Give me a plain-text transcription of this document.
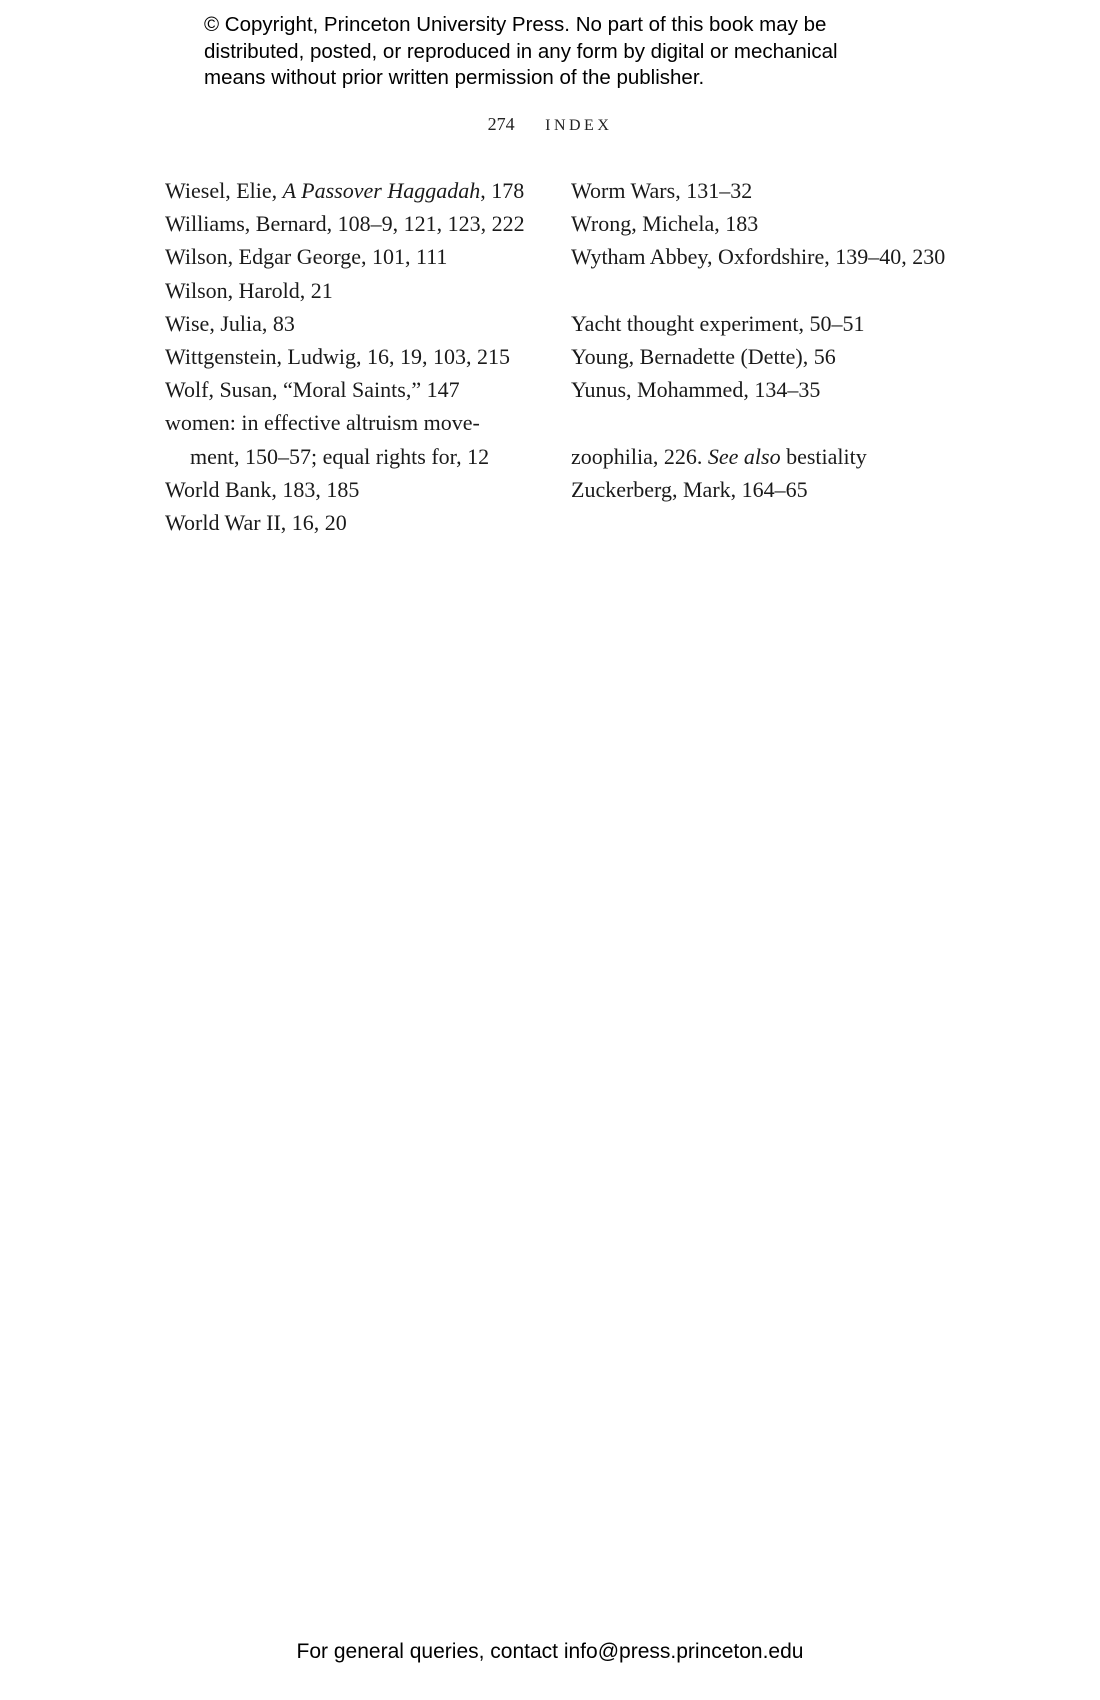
© Copyright, Princeton University Press. No part of this book may be
distributed, posted, or reproduced in any form by digital or mechanical
means without prior written permission of the publisher.
274 INDEX
Wiesel, Elie, A Passover Haggadah, 178
Williams, Bernard, 108–9, 121, 123, 222
Wilson, Edgar George, 101, 111
Wilson, Harold, 21
Wise, Julia, 83
Wittgenstein, Ludwig, 16, 19, 103, 215
Wolf, Susan, “Moral Saints,” 147
women: in effective altruism move-ment, 150–57; equal rights for, 12
World Bank, 183, 185
World War II, 16, 20
Worm Wars, 131–32
Wrong, Michela, 183
Wytham Abbey, Oxfordshire, 139–40, 230
Yacht thought experiment, 50–51
Young, Bernadette (Dette), 56
Yunus, Mohammed, 134–35
zoophilia, 226. See also bestiality
Zuckerberg, Mark, 164–65
For general queries, contact info@press.princeton.edu
